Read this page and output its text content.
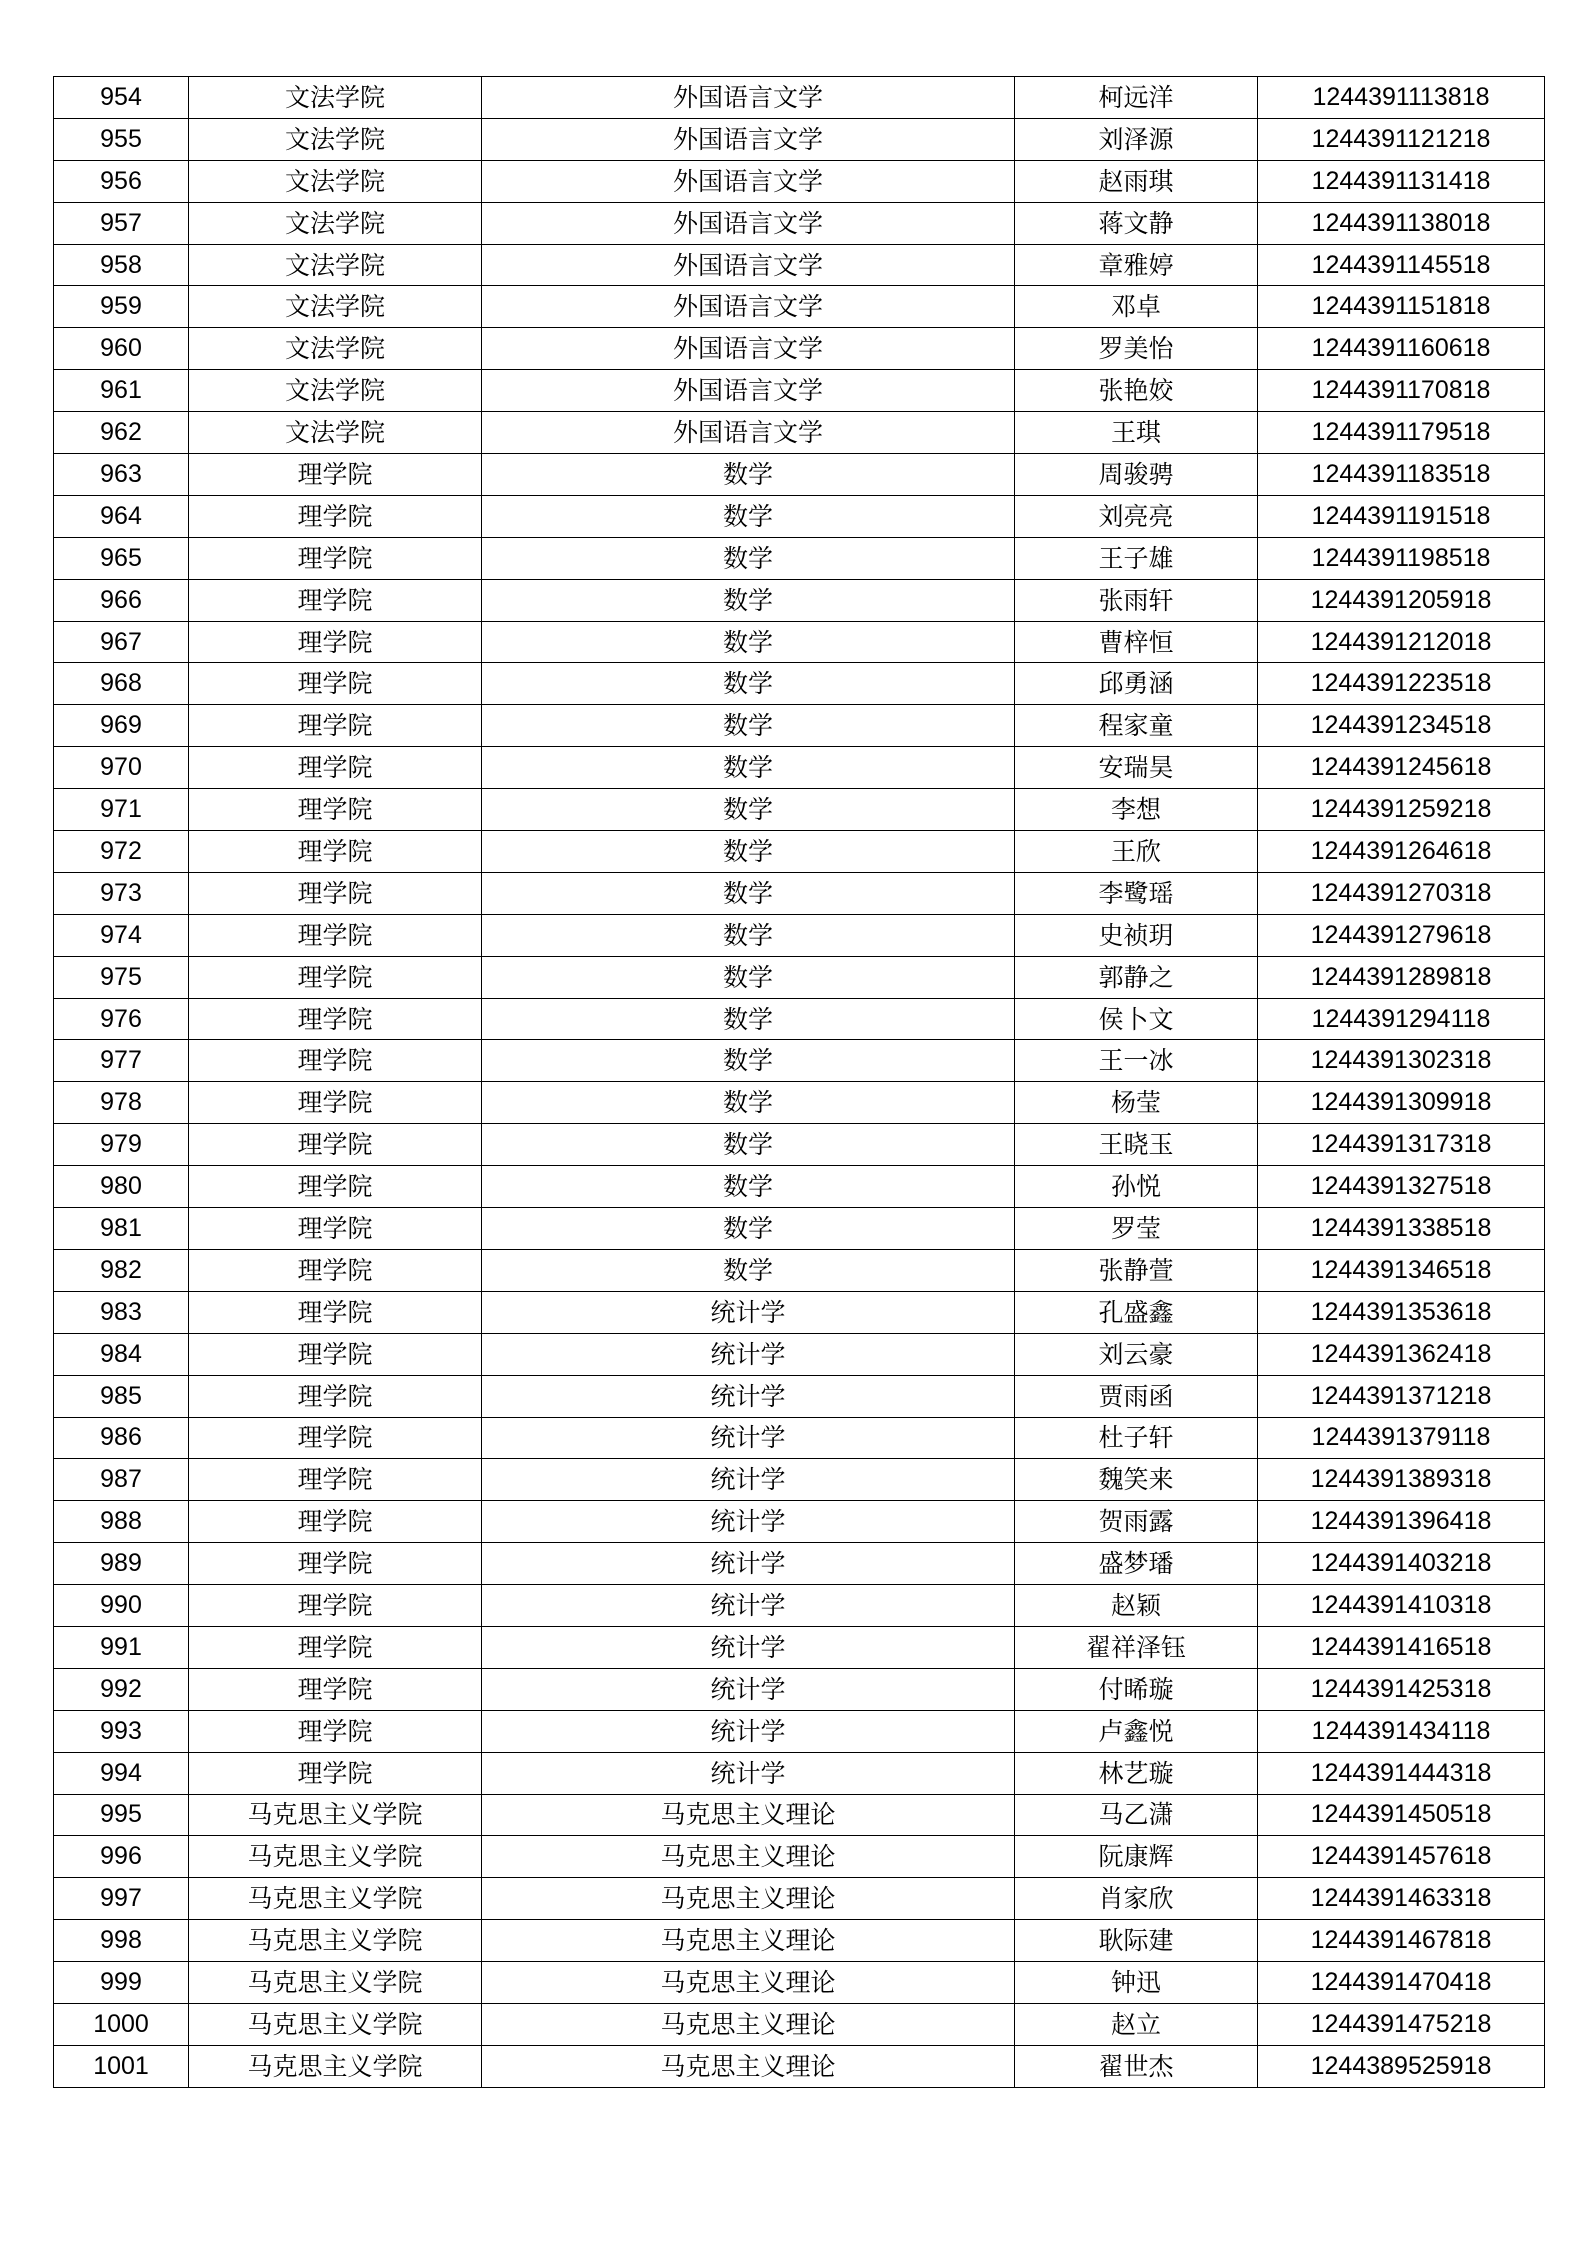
954	文法学院	外国语言文学	柯远洋	1244391113818
955	文法学院	外国语言文学	刘泽源	1244391121218
956	文法学院	外国语言文学	赵雨琪	1244391131418
957	文法学院	外国语言文学	蒋文静	1244391138018
958	文法学院	外国语言文学	章雅婷	1244391145518
959	文法学院	外国语言文学	邓卓	1244391151818
960	文法学院	外国语言文学	罗美怡	1244391160618
961	文法学院	外国语言文学	张艳姣	1244391170818
962	文法学院	外国语言文学	王琪	1244391179518
963	理学院	数学	周骏骋	1244391183518
964	理学院	数学	刘亮亮	1244391191518
965	理学院	数学	王子雄	1244391198518
966	理学院	数学	张雨轩	1244391205918
967	理学院	数学	曹梓恒	1244391212018
968	理学院	数学	邱勇涵	1244391223518
969	理学院	数学	程家童	1244391234518
970	理学院	数学	安瑞昊	1244391245618
971	理学院	数学	李想	1244391259218
972	理学院	数学	王欣	1244391264618
973	理学院	数学	李鹭瑶	1244391270318
974	理学院	数学	史祯玥	1244391279618
975	理学院	数学	郭静之	1244391289818
976	理学院	数学	侯卜文	1244391294118
977	理学院	数学	王一冰	1244391302318
978	理学院	数学	杨莹	1244391309918
979	理学院	数学	王晓玉	1244391317318
980	理学院	数学	孙悦	1244391327518
981	理学院	数学	罗莹	1244391338518
982	理学院	数学	张静萱	1244391346518
983	理学院	统计学	孔盛鑫	1244391353618
984	理学院	统计学	刘云豪	1244391362418
985	理学院	统计学	贾雨函	1244391371218
986	理学院	统计学	杜子轩	1244391379118
987	理学院	统计学	魏笑来	1244391389318
988	理学院	统计学	贺雨露	1244391396418
989	理学院	统计学	盛梦璠	1244391403218
990	理学院	统计学	赵颖	1244391410318
991	理学院	统计学	翟祥泽钰	1244391416518
992	理学院	统计学	付晞璇	1244391425318
993	理学院	统计学	卢鑫悦	1244391434118
994	理学院	统计学	林艺璇	1244391444318
995	马克思主义学院	马克思主义理论	马乙潇	1244391450518
996	马克思主义学院	马克思主义理论	阮康辉	1244391457618
997	马克思主义学院	马克思主义理论	肖家欣	1244391463318
998	马克思主义学院	马克思主义理论	耿际建	1244391467818
999	马克思主义学院	马克思主义理论	钟迅	1244391470418
1000	马克思主义学院	马克思主义理论	赵立	1244391475218
1001	马克思主义学院	马克思主义理论	翟世杰	1244389525918
